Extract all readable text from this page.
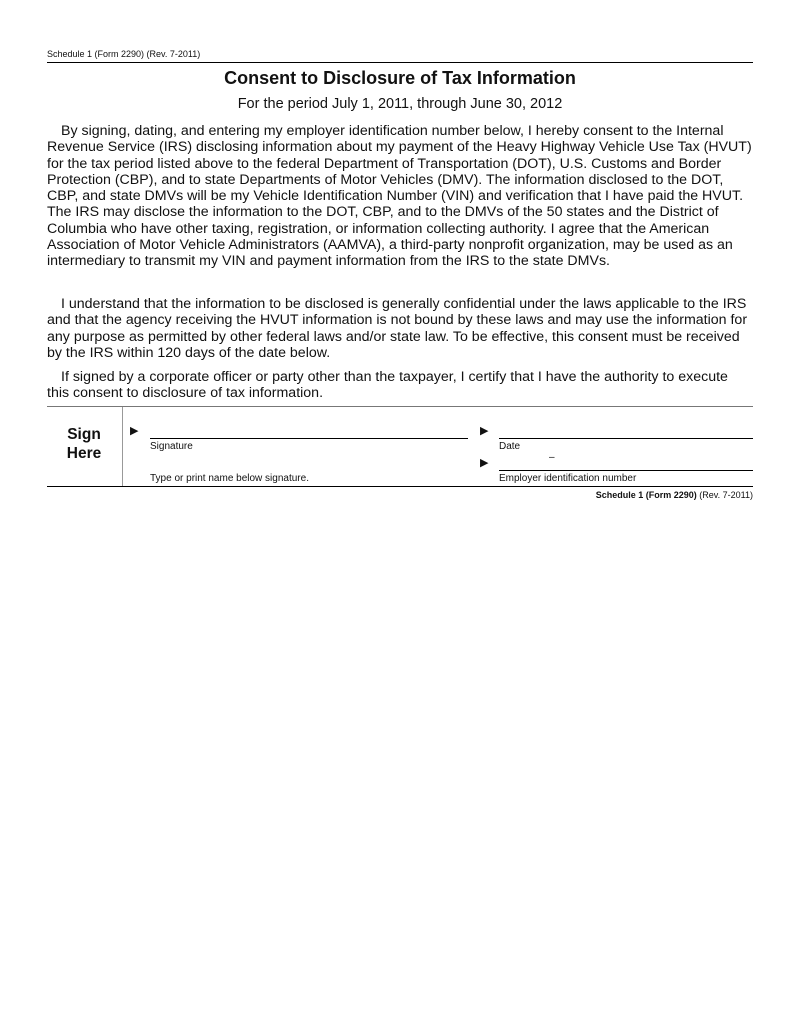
Schedule 1 (Form 2290) (Rev. 7-2011)
Consent to Disclosure of Tax Information
For the period July 1, 2011, through June 30, 2012

By signing, dating, and entering my employer identification number below, I hereby consent to the Internal Revenue Service (IRS) disclosing information about my payment of the Heavy Highway Vehicle Use Tax (HVUT) for the tax period listed above to the federal Department of Transportation (DOT), U.S. Customs and Border Protection (CBP), and to state Departments of Motor Vehicles (DMV). The information disclosed to the DOT, CBP, and state DMVs will be my Vehicle Identification Number (VIN) and verification that I have paid the HVUT. The IRS may disclose the information to the DOT, CBP, and to the DMVs of the 50 states and the District of Columbia who have other taxing, registration, or information collecting authority. I agree that the American Association of Motor Vehicle Administrators (AAMVA), a third-party nonprofit organization, may be used as an intermediary to transmit my VIN and payment information from the IRS to the state DMVs.

I understand that the information to be disclosed is generally confidential under the laws applicable to the IRS and that the agency receiving the HVUT information is not bound by these laws and may use the information for any purpose as permitted by other federal laws and/or state law. To be effective, this consent must be received by the IRS within 120 days of the date below.

If signed by a corporate officer or party other than the taxpayer, I certify that I have the authority to execute this consent to disclosure of tax information.

Sign
Here
▶
Signature
Type or print name below signature.
▶
Date
▶	–
Employer identification number
Schedule 1 (Form 2290) (Rev. 7-2011)
